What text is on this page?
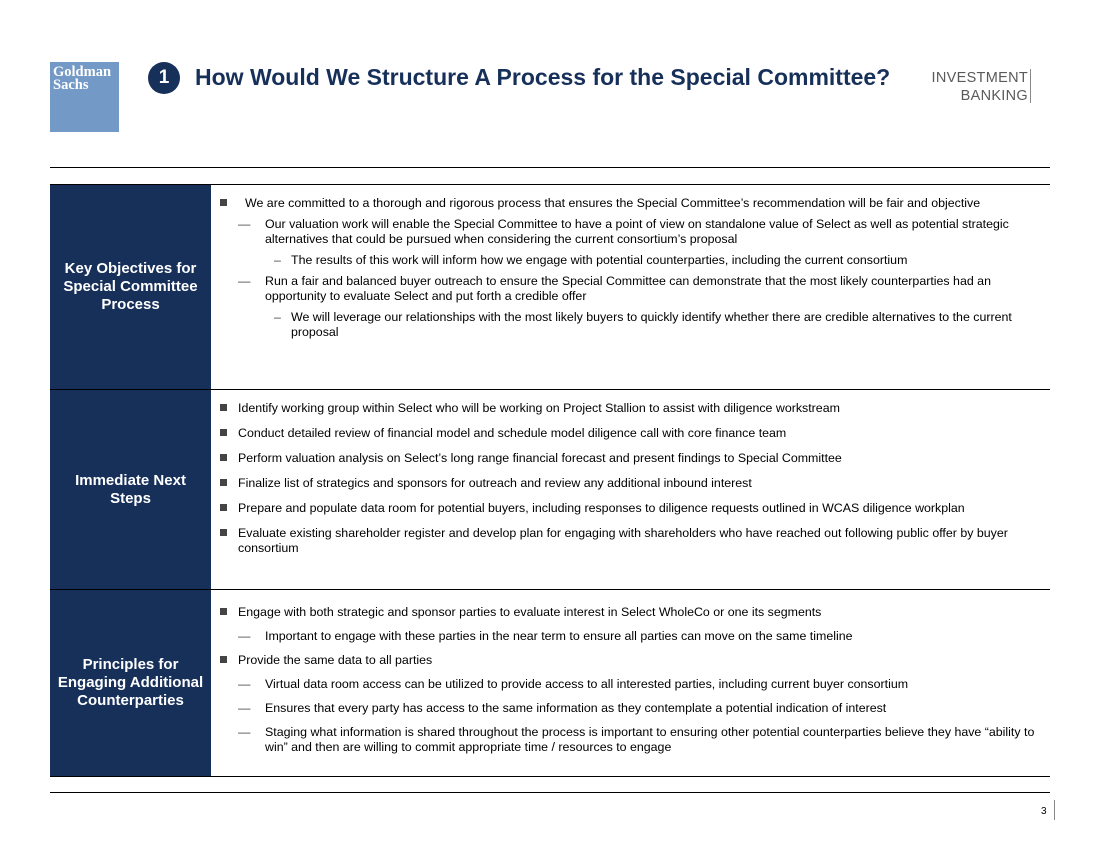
Goldman
Sachs	1	How Would We Structure A Process for the Special Committee?	INVESTMENT
BANKING
Key Objectives for Special Committee Process
We are committed to a thorough and rigorous process that ensures the Special Committee’s recommendation will be fair and objective
— Our valuation work will enable the Special Committee to have a point of view on standalone value of Select as well as potential strategic alternatives that could be pursued when considering the current consortium’s proposal
– The results of this work will inform how we engage with potential counterparties, including the current consortium
— Run a fair and balanced buyer outreach to ensure the Special Committee can demonstrate that the most likely counterparties had an opportunity to evaluate Select and put forth a credible offer
– We will leverage our relationships with the most likely buyers to quickly identify whether there are credible alternatives to the current proposal
Immediate Next Steps
Identify working group within Select who will be working on Project Stallion to assist with diligence workstream
Conduct detailed review of financial model and schedule model diligence call with core finance team
Perform valuation analysis on Select’s long range financial forecast and present findings to Special Committee
Finalize list of strategics and sponsors for outreach and review any additional inbound interest
Prepare and populate data room for potential buyers, including responses to diligence requests outlined in WCAS diligence workplan
Evaluate existing shareholder register and develop plan for engaging with shareholders who have reached out following public offer by buyer consortium
Principles for Engaging Additional Counterparties
Engage with both strategic and sponsor parties to evaluate interest in Select WholeCo or one its segments
— Important to engage with these parties in the near term to ensure all parties can move on the same timeline
Provide the same data to all parties
— Virtual data room access can be utilized to provide access to all interested parties, including current buyer consortium
— Ensures that every party has access to the same information as they contemplate a potential indication of interest
— Staging what information is shared throughout the process is important to ensuring other potential counterparties believe they have “ability to win” and then are willing to commit appropriate time / resources to engage
3
